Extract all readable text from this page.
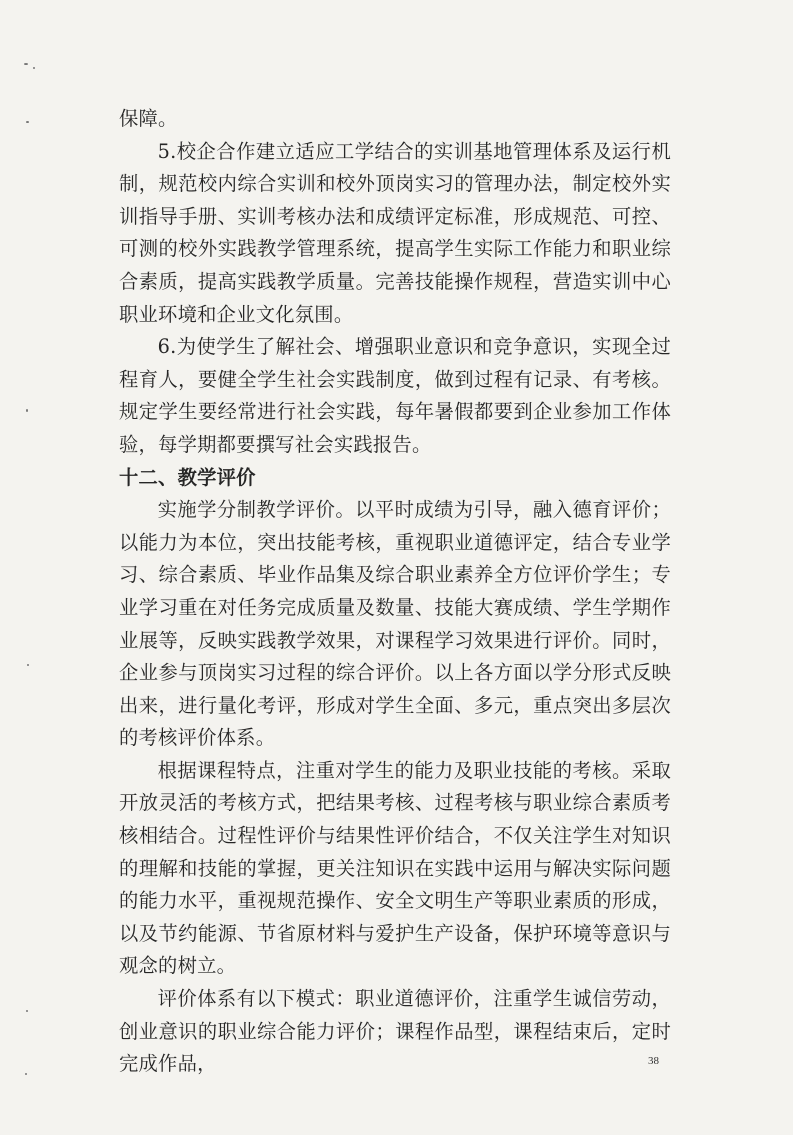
保障。

5.校企合作建立适应工学结合的实训基地管理体系及运行机制，规范校内综合实训和校外顶岗实习的管理办法，制定校外实训指导手册、实训考核办法和成绩评定标准，形成规范、可控、可测的校外实践教学管理系统，提高学生实际工作能力和职业综合素质，提高实践教学质量。完善技能操作规程，营造实训中心职业环境和企业文化氛围。

6.为使学生了解社会、增强职业意识和竞争意识，实现全过程育人，要健全学生社会实践制度，做到过程有记录、有考核。规定学生要经常进行社会实践，每年暑假都要到企业参加工作体验，每学期都要撰写社会实践报告。

十二、教学评价

实施学分制教学评价。以平时成绩为引导，融入德育评价；以能力为本位，突出技能考核，重视职业道德评定，结合专业学习、综合素质、毕业作品集及综合职业素养全方位评价学生；专业学习重在对任务完成质量及数量、技能大赛成绩、学生学期作业展等，反映实践教学效果，对课程学习效果进行评价。同时，企业参与顶岗实习过程的综合评价。以上各方面以学分形式反映出来，进行量化考评，形成对学生全面、多元，重点突出多层次的考核评价体系。

根据课程特点，注重对学生的能力及职业技能的考核。采取开放灵活的考核方式，把结果考核、过程考核与职业综合素质考核相结合。过程性评价与结果性评价结合，不仅关注学生对知识的理解和技能的掌握，更关注知识在实践中运用与解决实际问题的能力水平，重视规范操作、安全文明生产等职业素质的形成，以及节约能源、节省原材料与爱护生产设备，保护环境等意识与观念的树立。

评价体系有以下模式：职业道德评价，注重学生诚信劳动，创业意识的职业综合能力评价；课程作品型，课程结束后，定时完成作品，	38
